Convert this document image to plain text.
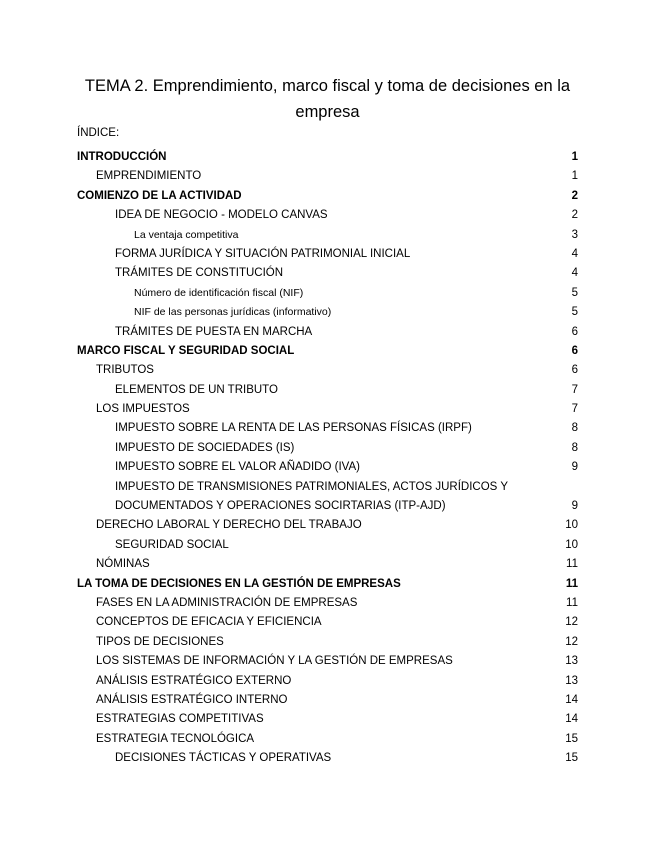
TEMA 2. Emprendimiento, marco fiscal y toma de decisiones en la
empresa
ÍNDICE:
INTRODUCCIÓN	1
EMPRENDIMIENTO	1
COMIENZO DE LA ACTIVIDAD	2
IDEA DE NEGOCIO - MODELO CANVAS	2
La ventaja competitiva	3
FORMA JURÍDICA Y SITUACIÓN PATRIMONIAL INICIAL	4
TRÁMITES DE CONSTITUCIÓN	4
Número de identificación fiscal (NIF)	5
NIF de las personas jurídicas (informativo)	5
TRÁMITES DE PUESTA EN MARCHA	6
MARCO FISCAL Y SEGURIDAD SOCIAL	6
TRIBUTOS	6
ELEMENTOS DE UN TRIBUTO	7
LOS IMPUESTOS	7
IMPUESTO SOBRE LA RENTA DE LAS PERSONAS FÍSICAS (IRPF)	8
IMPUESTO DE SOCIEDADES (IS)	8
IMPUESTO SOBRE EL VALOR AÑADIDO (IVA)	9
IMPUESTO DE TRANSMISIONES PATRIMONIALES, ACTOS JURÍDICOS Y
DOCUMENTADOS Y OPERACIONES SOCIRTARIAS (ITP-AJD)	9
DERECHO LABORAL Y DERECHO DEL TRABAJO	10
SEGURIDAD SOCIAL	10
NÓMINAS	11
LA TOMA DE DECISIONES EN LA GESTIÓN DE EMPRESAS	11
FASES EN LA ADMINISTRACIÓN DE EMPRESAS	11
CONCEPTOS DE EFICACIA Y EFICIENCIA	12
TIPOS DE DECISIONES	12
LOS SISTEMAS DE INFORMACIÓN Y LA GESTIÓN DE EMPRESAS	13
ANÁLISIS ESTRATÉGICO EXTERNO	13
ANÁLISIS ESTRATÉGICO INTERNO	14
ESTRATEGIAS COMPETITIVAS	14
ESTRATEGIA TECNOLÓGICA	15
DECISIONES TÁCTICAS Y OPERATIVAS	15
